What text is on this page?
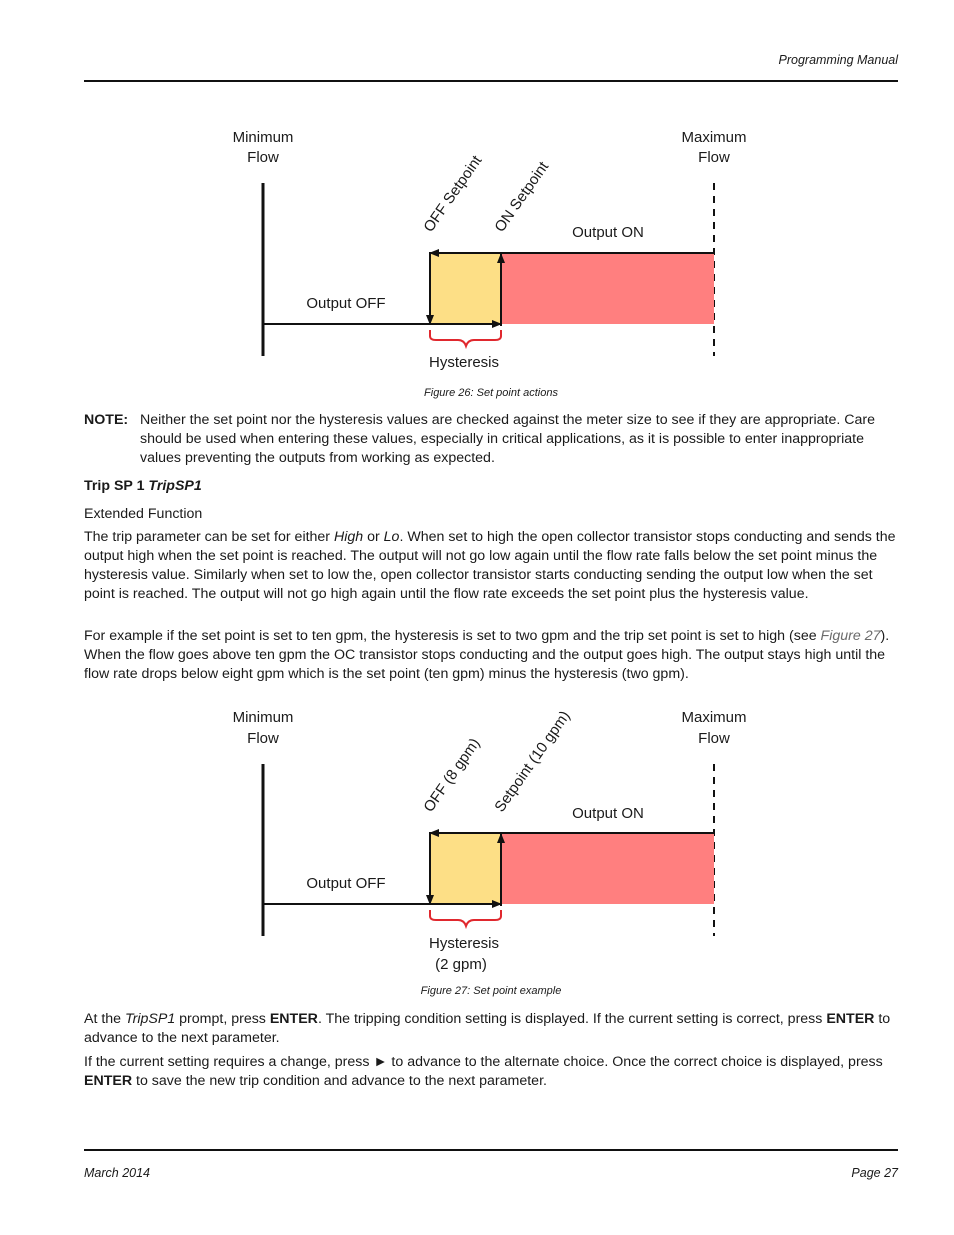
Programming Manual
Minimum
Flow
Maximum
Flow
OFF Setpoint ON Setpoint Output ON
Output OFF
Hysteresis
Figure 26: Set point actions
NOTE: Neither the set point nor the hysteresis values are checked against the meter size to see if they are appropriate. Care should be used when entering these values, especially in critical applications, as it is possible to enter inappropriate values preventing the outputs from working as expected.
Trip SP 1 TripSP1
Extended Function
The trip parameter can be set for either High or Lo. When set to high the open collector transistor stops conducting and sends the output high when the set point is reached. The output will not go low again until the flow rate falls below the set point minus the hysteresis value. Similarly when set to low the, open collector transistor starts conducting sending the output low when the set point is reached. The output will not go high again until the flow rate exceeds the set point plus the hysteresis value.
For example if the set point is set to ten gpm, the hysteresis is set to two gpm and the trip set point is set to high (see Figure 27). When the flow goes above ten gpm the OC transistor stops conducting and the output goes high. The output stays high until the flow rate drops below eight gpm which is the set point (ten gpm) minus the hysteresis (two gpm).
Minimum
Flow
Maximum
Flow
OFF (8 gpm) Setpoint (10 gpm)
Output ON
Output OFF
Hysteresis
(2 gpm)
Figure 27: Set point example
At the TripSP1 prompt, press ENTER. The tripping condition setting is displayed. If the current setting is correct, press ENTER to advance to the next parameter.
If the current setting requires a change, press ► to advance to the alternate choice. Once the correct choice is displayed, press ENTER to save the new trip condition and advance to the next parameter.
March 2014	Page 27
